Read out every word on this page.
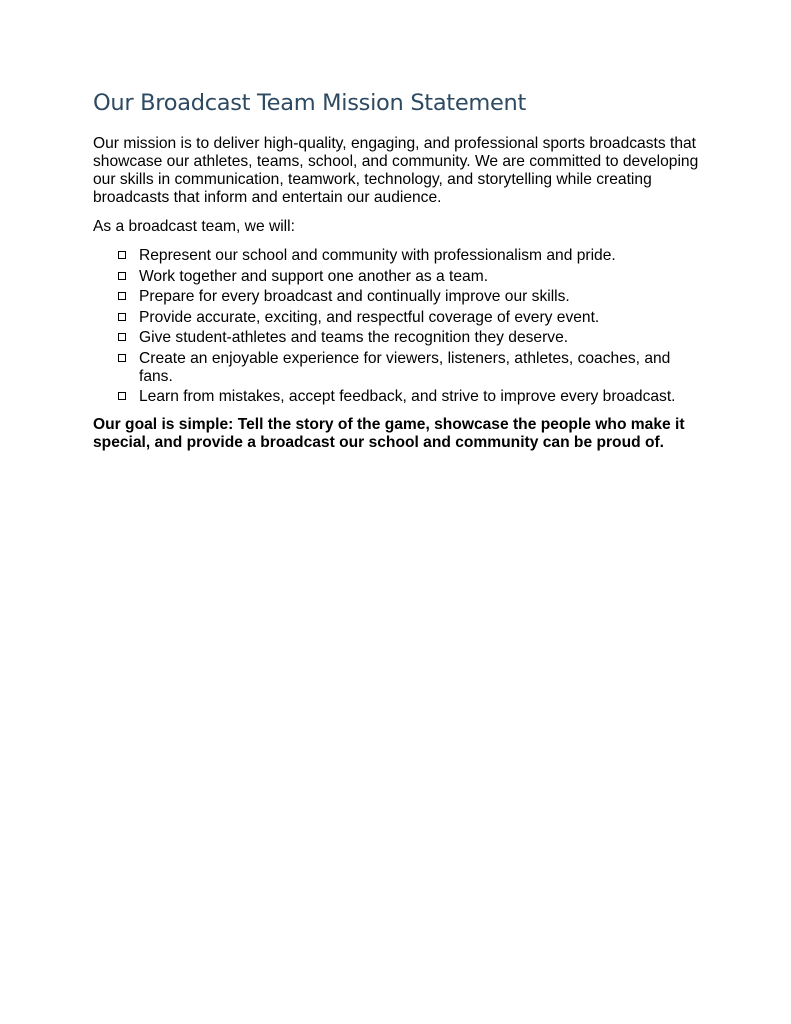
Our Broadcast Team Mission Statement

Our mission is to deliver high-quality, engaging, and professional sports broadcasts that showcase our athletes, teams, school, and community. We are committed to developing our skills in communication, teamwork, technology, and storytelling while creating broadcasts that inform and entertain our audience.

As a broadcast team, we will:

Represent our school and community with professionalism and pride.
Work together and support one another as a team.
Prepare for every broadcast and continually improve our skills.
Provide accurate, exciting, and respectful coverage of every event.
Give student-athletes and teams the recognition they deserve.
Create an enjoyable experience for viewers, listeners, athletes, coaches, and fans.
Learn from mistakes, accept feedback, and strive to improve every broadcast.

Our goal is simple: Tell the story of the game, showcase the people who make it special, and provide a broadcast our school and community can be proud of.
